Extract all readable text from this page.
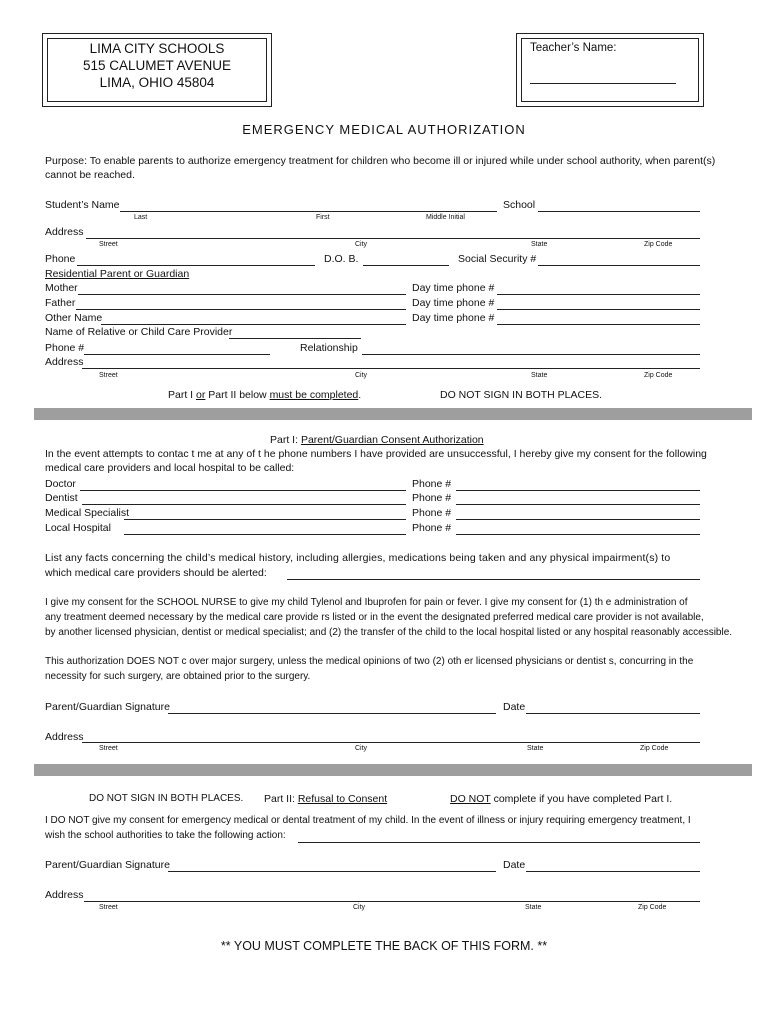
LIMA CITY SCHOOLS
515 CALUMET AVENUE
LIMA, OHIO 45804
Teacher’s Name:
EMERGENCY MEDICAL AUTHORIZATION
Purpose: To enable parents to authorize emergency treatment for children who become ill or injured while under school authority, when parent(s)
cannot be reached.
Student’s Name	School
Last	First	Middle Initial
Address
Street	City	State	Zip Code
Phone	D.O. B.	Social Security #
Residential Parent or Guardian
Mother	Day time phone #
Father	Day time phone #
Other Name	Day time phone #
Name of Relative or Child Care Provider
Phone #	Relationship
Address
Street	City	State	Zip Code
Part I or Part II below must be completed.	DO NOT SIGN IN BOTH PLACES.
Part I: Parent/Guardian Consent Authorization
In the event attempts to contac t me at any of t he phone numbers I have provided are unsuccessful, I hereby give my consent for the following
medical care providers and local hospital to be called:
Doctor	Phone #
Dentist	Phone #
Medical Specialist	Phone #
Local Hospital	Phone #
List any facts concerning the child’s medical history, including allergies, medications being taken and any physical impairment(s) to
which medical care providers should be alerted:
I give my consent for the SCHOOL NURSE to give my child Tylenol and Ibuprofen for pain or fever. I give my consent for (1) th e administration of
any treatment deemed necessary by the medical care provide rs listed or in the event the designated preferred medical care provider is not available,
by another licensed physician, dentist or medical specialist; and (2) the transfer of the child to the local hospital listed or any hospital reasonably accessible.
This authorization DOES NOT c over major surgery, unless the medical opinions of two (2) oth er licensed physicians or dentist s, concurring in the
necessity for such surgery, are obtained prior to the surgery.
Parent/Guardian Signature	Date
Address
Street	City	State	Zip Code
DO NOT SIGN IN BOTH PLACES. Part II: Refusal to Consent	DO NOT complete if you have completed Part I.
I DO NOT give my consent for emergency medical or dental treatment of my child. In the event of illness or injury requiring emergency treatment, I
wish the school authorities to take the following action:
Parent/Guardian Signature	Date
Address
Street	City	State	Zip Code
** YOU MUST COMPLETE THE BACK OF THIS FORM. **
